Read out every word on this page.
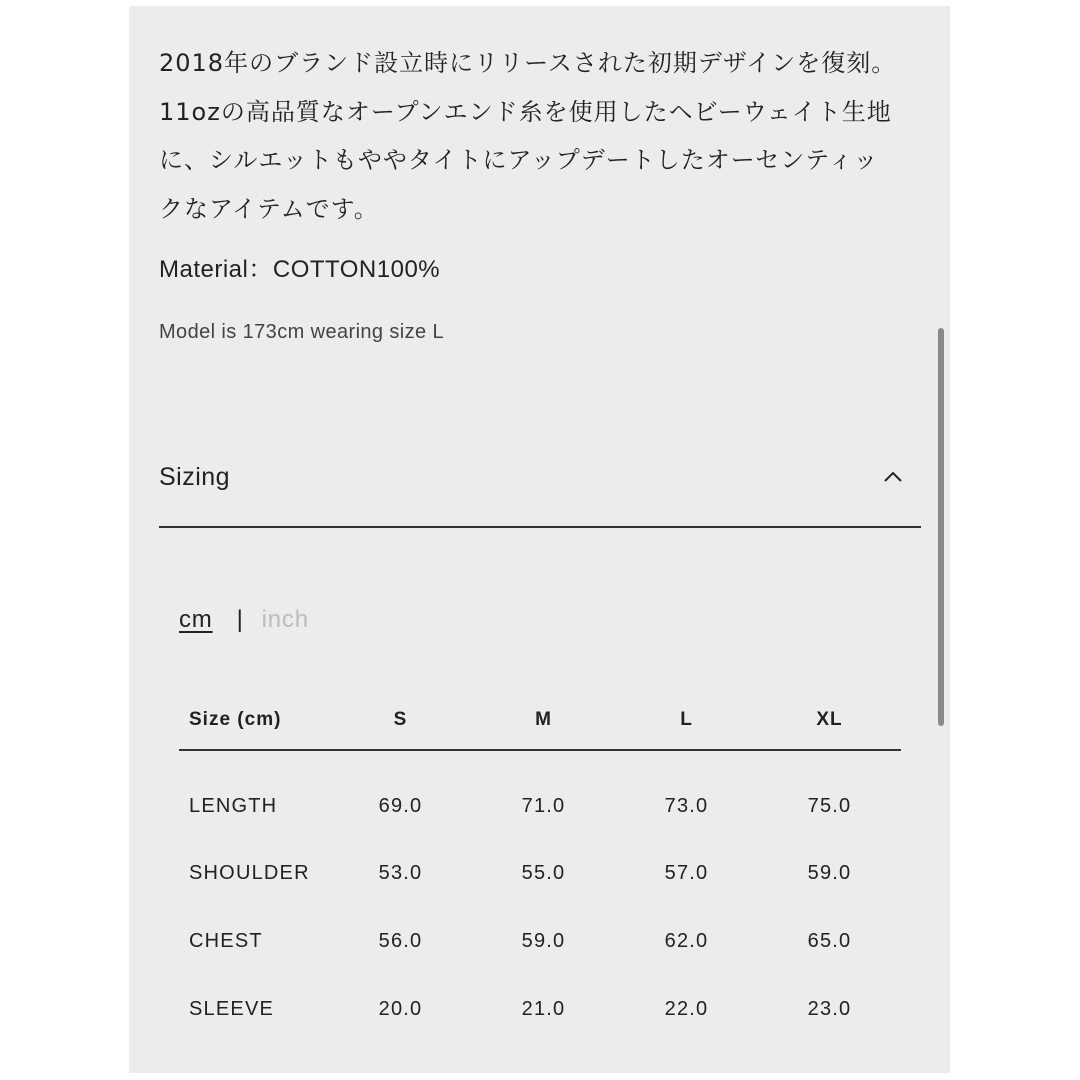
2018年のブランド設立時にリリースされた初期デザインを復刻。11ozの高品質なオープンエンド糸を使用したヘビーウェイト生地に、シルエットもややタイトにアップデートしたオーセンティックなアイテムです。

Material：COTTON100%
Model is 173cm wearing size L
Sizing
cm | inch
Size (cm)	S	M	L	XL
LENGTH	69.0	71.0	73.0	75.0
SHOULDER	53.0	55.0	57.0	59.0
CHEST	56.0	59.0	62.0	65.0
SLEEVE	20.0	21.0	22.0	23.0
